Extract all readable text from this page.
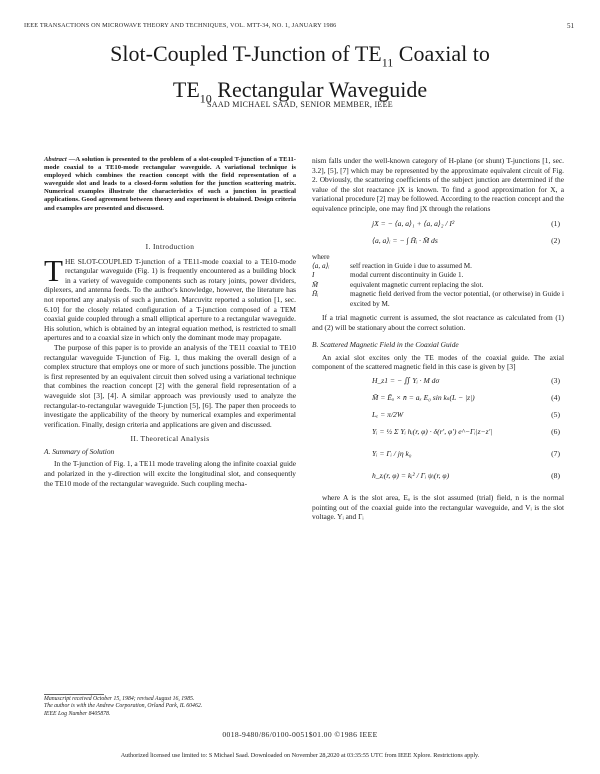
IEEE TRANSACTIONS ON MICROWAVE THEORY AND TECHNIQUES, VOL. MTT-34, NO. 1, JANUARY 1986	51
Slot-Coupled T-Junction of $TE_{11}$ Coaxial to
$TE_{10}$ Rectangular Waveguide
SAAD MICHAEL SAAD, SENIOR MEMBER, IEEE
Abstract —A solution is presented to the problem of a slot-coupled T-junction of a TE11-mode coaxial to a TE10-mode rectangular waveguide. A variational technique is employed which combines the reaction concept with the field representation of a waveguide slot and leads to a closed-form solution for the junction scattering matrix. Numerical examples illustrate the characteristics of such a junction in practical applications. Good agreement between theory and experiment is obtained. Design criteria and examples are presented and discussed.
I. Introduction

THE SLOT-COUPLED T-junction of a TE11-mode coaxial to a TE10-mode rectangular waveguide (Fig. 1) is frequently encountered as a building block in a variety of waveguide components such as rotary joints, power dividers, diplexers, and antenna feeds. To the author's knowledge, however, the literature has not reported any analysis of such a junction. Marcuvitz reported a solution [1, sec. 6.10] for the closely related configuration of a T-junction composed of a TEM coaxial guide coupled through a small elliptical aperture to a rectangular waveguide. His solution, which is obtained by an integral equation method, is restricted to small apertures and to a coaxial size in which only the dominant mode may propagate.

The purpose of this paper is to provide an analysis of the TE11 coaxial to TE10 rectangular waveguide T-junction of Fig. 1, thus making the overall design of a complex structure that employs one or more of such junctions possible. The junction is first represented by an equivalent circuit then solved using a variational technique that combines the reaction concept [2] with the general field representation of a waveguide slot [3], [4]. A similar approach was previously used to analyze the rectangular-to-rectangular waveguide T-junction [5], [6]. The paper then proceeds to investigate the applicability of the theory by numerical examples and experimental verification. Finally, design criteria and applications are given and discussed.

II. Theoretical Analysis
A. Summary of Solution

In the T-junction of Fig. 1, a TE11 mode traveling along the infinite coaxial guide and polarized in the y-direction will excite the longitudinal slot, and consequently the TE10 mode of the rectangular waveguide. Such coupling mecha-

Manuscript received October 15, 1984; revised August 16, 1985.
The author is with the Andrew Corporation, Orland Park, IL 60462.
IEEE Log Number 8405878.

nism falls under the well-known category of H-plane (or shunt) T-junctions [1, sec. 3.2], [5], [7] which may be represented by the approximate equivalent circuit of Fig. 2. Obviously, the scattering coefficients of the subject junction are determined if the value of the slot reactance jX is known. To find a good approximation for X, a variational procedure [2] may be followed. According to the reaction concept and the equivalence principle, one may find jX through the relations

jX = − ⟨a, a⟩₁ + ⟨a, a⟩₂ / I²	(1)
⟨a, a⟩ᵢ = − ∫ H̄ᵢ · M̄ ds	(2)
where
⟨a, a⟩ᵢ	self reaction in Guide i due to assumed M.
I	modal current discontinuity in Guide 1.
M̄	equivalent magnetic current replacing the slot.
H̄ᵢ	magnetic field derived from the vector potential, (or otherwise) in Guide i excited by M.

If a trial magnetic current is assumed, the slot reactance as calculated from (1) and (2) will be stationary about the correct solution.

B. Scattered Magnetic Field in the Coaxial Guide

An axial slot excites only the TE modes of the coaxial guide. The axial component of the scattered magnetic field in this case is given by [3]

H_z1 = − ∬ Yᵢ · M dσ	(3)
M̄ = Ēₐ × n̄ = aₓ E₀ sin kₛ(L − |z|)	(4)
Lₑ = π/2W	(5)
Yᵢ = ½ Σ Yᵢ hᵢ(r, φ) · δ(r′, φ′) e^−Γᵢ|z−z′|	(6)
Yᵢ = Γᵢ / jη k₀	(7)
h_zᵢ(r, φ) = kᵢ² / Γᵢ ψᵢ(r, φ)	(8)

where A is the slot area, Eₐ is the slot assumed (trial) field, n is the normal pointing out of the coaxial guide into the rectangular waveguide, and Vᵢ is the slot voltage. Yᵢ and Γᵢ

0018-9480/86/0100-0051$01.00 ©1986 IEEE
Authorized licensed use limited to: S Michael Saad. Downloaded on November 28,2020 at 03:35:55 UTC from IEEE Xplore. Restrictions apply.
